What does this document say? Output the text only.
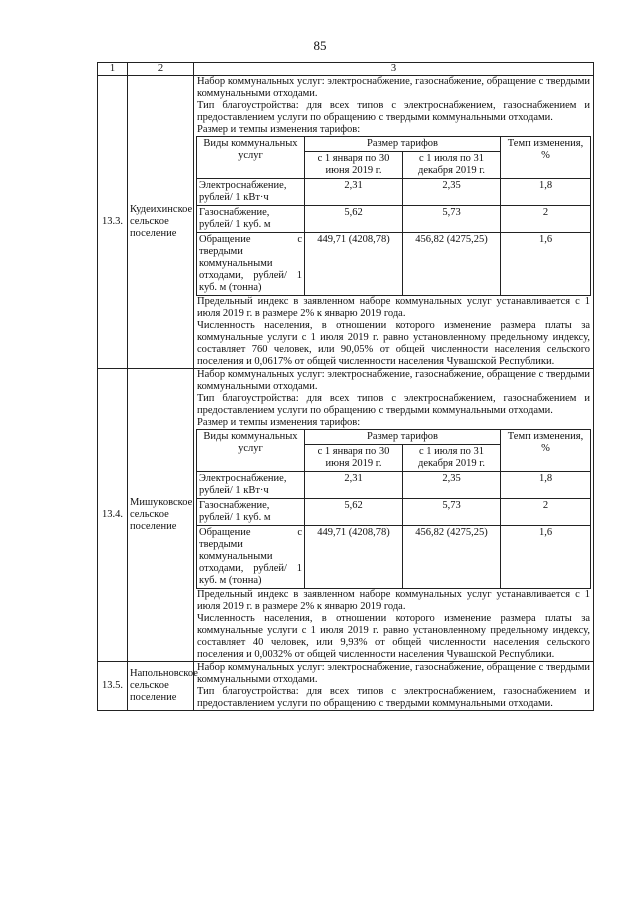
85
1	2	3
13.3.	Кудеихинское сельское поселение	

Набор коммунальных услуг: электроснабжение, газоснабжение, обращение с твердыми коммунальными отходами.

Тип благоустройства: для всех типов с электроснабжением, газоснабжением и предоставлением услуги по обращению с твердыми коммунальными отходами.

Размер и темпы изменения тарифов:

Виды коммунальных услуг	Размер тарифов	Темп изменения, %
с 1 января по 30 июня 2019 г.	с 1 июля по 31 декабря 2019 г.
Электроснабжение, рублей/ 1 кВт·ч	2,31	2,35	1,8
Газоснабжение, рублей/ 1 куб. м	5,62	5,73	2
Обращение с твердыми коммунальными отходами, рублей/ 1 куб. м (тонна)	449,71 (4208,78)	456,82 (4275,25)	1,6

Предельный индекс в заявленном наборе коммунальных услуг устанавливается с 1 июля 2019 г. в размере 2% к январю 2019 года.

Численность населения, в отношении которого изменение размера платы за коммунальные услуги с 1 июля 2019 г. равно установленному предельному индексу, составляет 760 человек, или 90,05% от общей численности населения сельского поселения и 0,0617% от общей численности населения Чувашской Республики.

13.4.	Мишуковское сельское поселение	

Набор коммунальных услуг: электроснабжение, газоснабжение, обращение с твердыми коммунальными отходами.

Тип благоустройства: для всех типов с электроснабжением, газоснабжением и предоставлением услуги по обращению с твердыми коммунальными отходами.

Размер и темпы изменения тарифов:

Виды коммунальных услуг	Размер тарифов	Темп изменения, %
с 1 января по 30 июня 2019 г.	с 1 июля по 31 декабря 2019 г.
Электроснабжение, рублей/ 1 кВт·ч	2,31	2,35	1,8
Газоснабжение, рублей/ 1 куб. м	5,62	5,73	2
Обращение с твердыми коммунальными отходами, рублей/ 1 куб. м (тонна)	449,71 (4208,78)	456,82 (4275,25)	1,6

Предельный индекс в заявленном наборе коммунальных услуг устанавливается с 1 июля 2019 г. в размере 2% к январю 2019 года.

Численность населения, в отношении которого изменение размера платы за коммунальные услуги с 1 июля 2019 г. равно установленному предельному индексу, составляет 40 человек, или 9,93% от общей численности населения сельского поселения и 0,0032% от общей численности населения Чувашской Республики.

13.5.	Напольновское сельское поселение	

Набор коммунальных услуг: электроснабжение, газоснабжение, обращение с твердыми коммунальными отходами.

Тип благоустройства: для всех типов с электроснабжением, газоснабжением и предоставлением услуги по обращению с твердыми коммунальными отходами.
